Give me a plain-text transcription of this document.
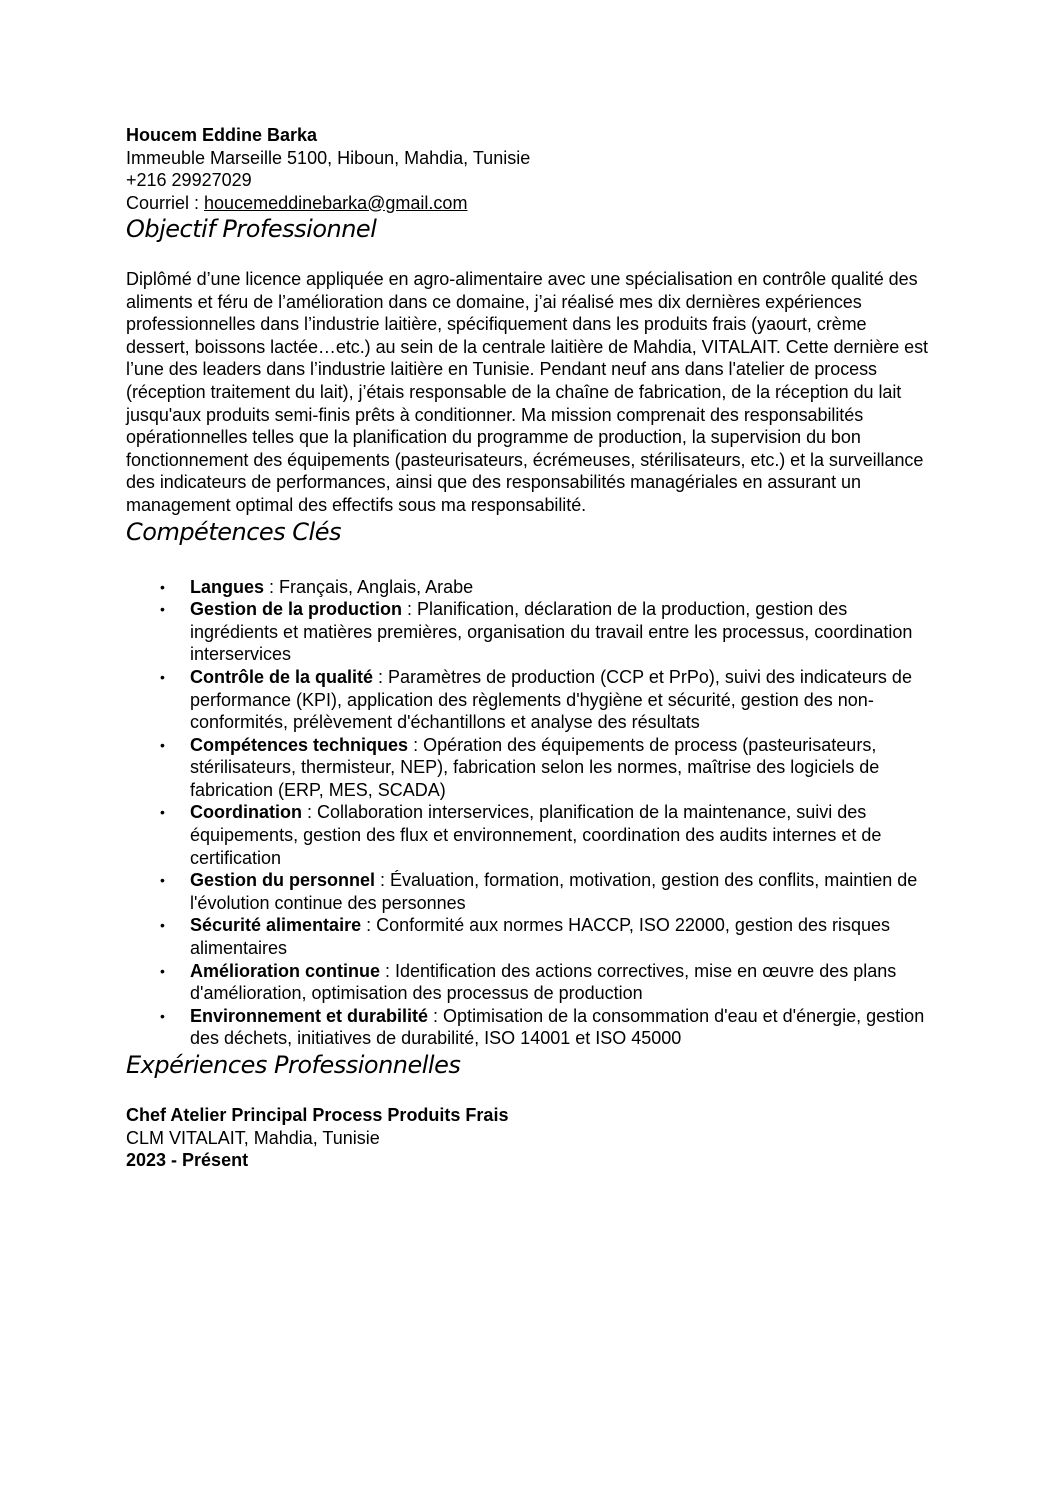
Houcem Eddine Barka
Immeuble Marseille 5100, Hiboun, Mahdia, Tunisie
+216 29927029
Courriel : houcemeddinebarka@gmail.com
Objectif Professionnel
Diplômé d’une licence appliquée en agro-alimentaire avec une spécialisation en contrôle qualité des aliments et féru de l’amélioration dans ce domaine, j’ai réalisé mes dix dernières expériences professionnelles dans l’industrie laitière, spécifiquement dans les produits frais (yaourt, crème dessert, boissons lactée…etc.) au sein de la centrale laitière de Mahdia, VITALAIT. Cette dernière est l’une des leaders dans l’industrie laitière en Tunisie. Pendant neuf ans dans l'atelier de process (réception traitement du lait), j’étais responsable de la chaîne de fabrication, de la réception du lait jusqu'aux produits semi-finis prêts à conditionner. Ma mission comprenait des responsabilités opérationnelles telles que la planification du programme de production, la supervision du bon fonctionnement des équipements (pasteurisateurs, écrémeuses, stérilisateurs, etc.) et la surveillance des indicateurs de performances, ainsi que des responsabilités managériales en assurant un management optimal des effectifs sous ma responsabilité.
Compétences Clés
• Langues : Français, Anglais, Arabe
• Gestion de la production : Planification, déclaration de la production, gestion des ingrédients et matières premières, organisation du travail entre les processus, coordination interservices
• Contrôle de la qualité : Paramètres de production (CCP et PrPo), suivi des indicateurs de performance (KPI), application des règlements d'hygiène et sécurité, gestion des non-conformités, prélèvement d'échantillons et analyse des résultats
• Compétences techniques : Opération des équipements de process (pasteurisateurs, stérilisateurs, thermisteur, NEP), fabrication selon les normes, maîtrise des logiciels de fabrication (ERP, MES, SCADA)
• Coordination : Collaboration interservices, planification de la maintenance, suivi des équipements, gestion des flux et environnement, coordination des audits internes et de certification
• Gestion du personnel : Évaluation, formation, motivation, gestion des conflits, maintien de l'évolution continue des personnes
• Sécurité alimentaire : Conformité aux normes HACCP, ISO 22000, gestion des risques alimentaires
• Amélioration continue : Identification des actions correctives, mise en œuvre des plans d'amélioration, optimisation des processus de production
• Environnement et durabilité : Optimisation de la consommation d'eau et d'énergie, gestion des déchets, initiatives de durabilité, ISO 14001 et ISO 45000
Expériences Professionnelles
Chef Atelier Principal Process Produits Frais
CLM VITALAIT, Mahdia, Tunisie
2023 - Présent
